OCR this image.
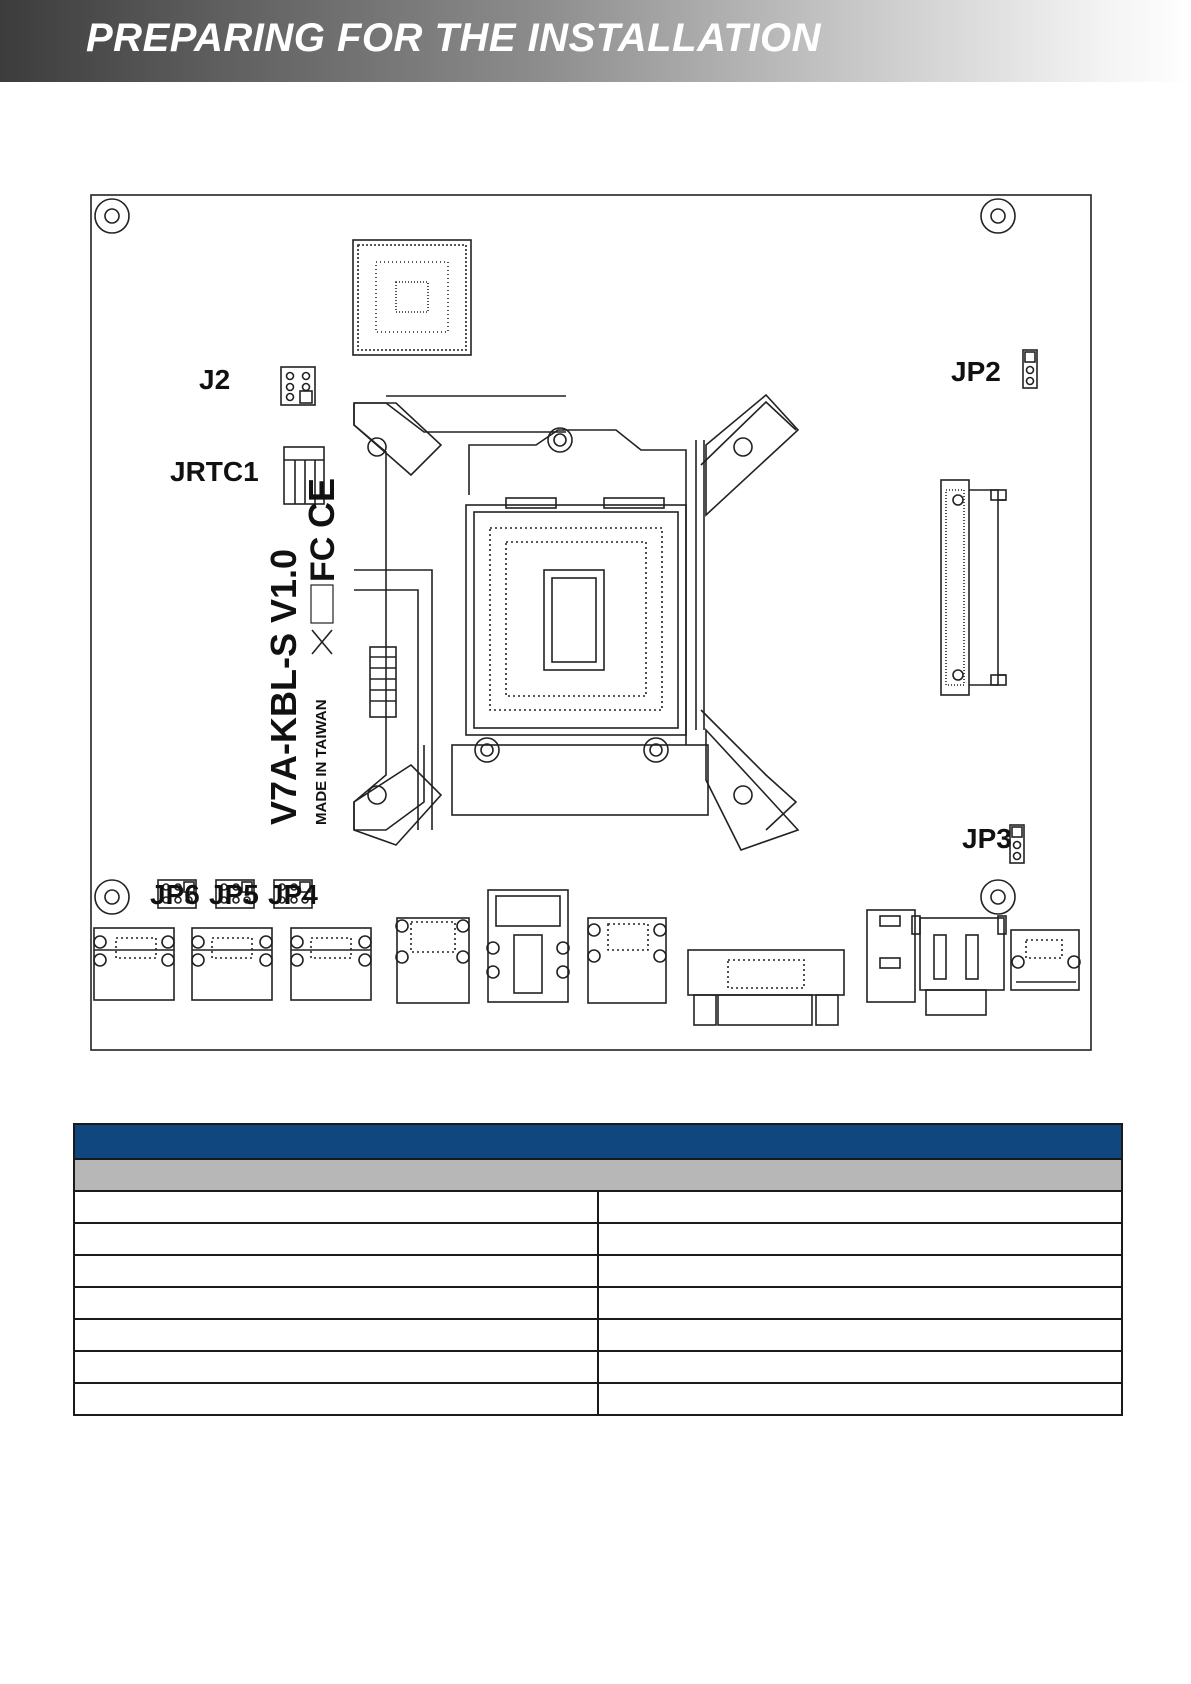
PREPARING FOR THE INSTALLATION
CE
FC
J2
JRTC1
JP2
JP3
JP6 JP5 JP4
V7A-KBL-S V1.0 MADE IN TAIWAN
